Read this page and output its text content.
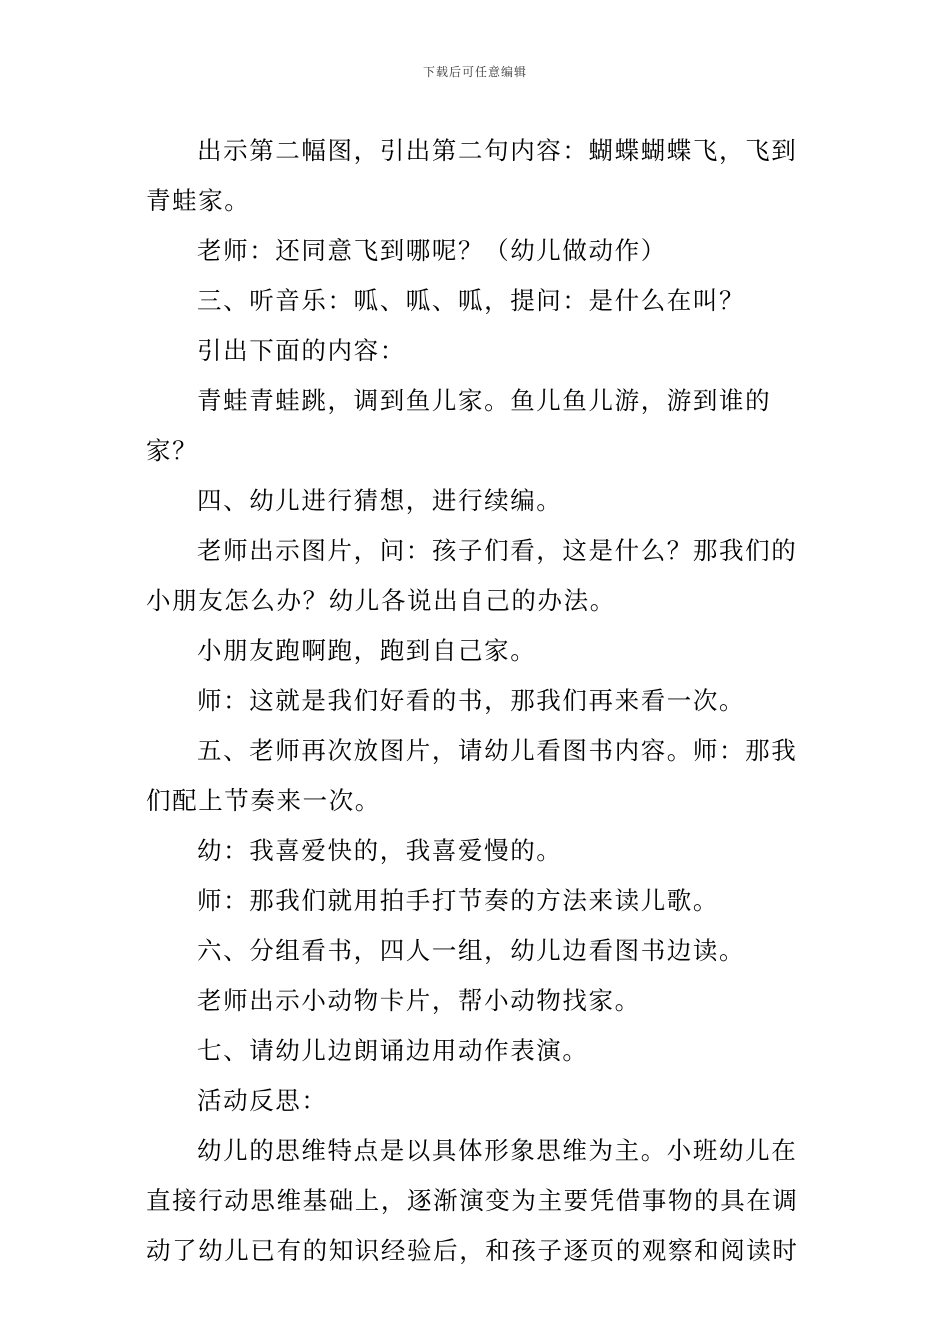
下载后可任意编辑

出示第二幅图，引出第二句内容：蝴蝶蝴蝶飞，飞到青蛙家。

老师：还同意飞到哪呢？（幼儿做动作）

三、听音乐：呱、呱、呱，提问：是什么在叫？

引出下面的内容：

青蛙青蛙跳，调到鱼儿家。鱼儿鱼儿游，游到谁的家？

四、幼儿进行猜想，进行续编。

老师出示图片，问：孩子们看，这是什么？那我们的小朋友怎么办？幼儿各说出自己的办法。

小朋友跑啊跑，跑到自己家。

师：这就是我们好看的书，那我们再来看一次。

五、老师再次放图片，请幼儿看图书内容。师：那我们配上节奏来一次。

幼：我喜爱快的，我喜爱慢的。

师：那我们就用拍手打节奏的方法来读儿歌。

六、分组看书，四人一组，幼儿边看图书边读。

老师出示小动物卡片，帮小动物找家。

七、请幼儿边朗诵边用动作表演。

活动反思：

幼儿的思维特点是以具体形象思维为主。小班幼儿在直接行动思维基础上，逐渐演变为主要凭借事物的具在调动了幼儿已有的知识经验后，和孩子逐页的观察和阅读时
